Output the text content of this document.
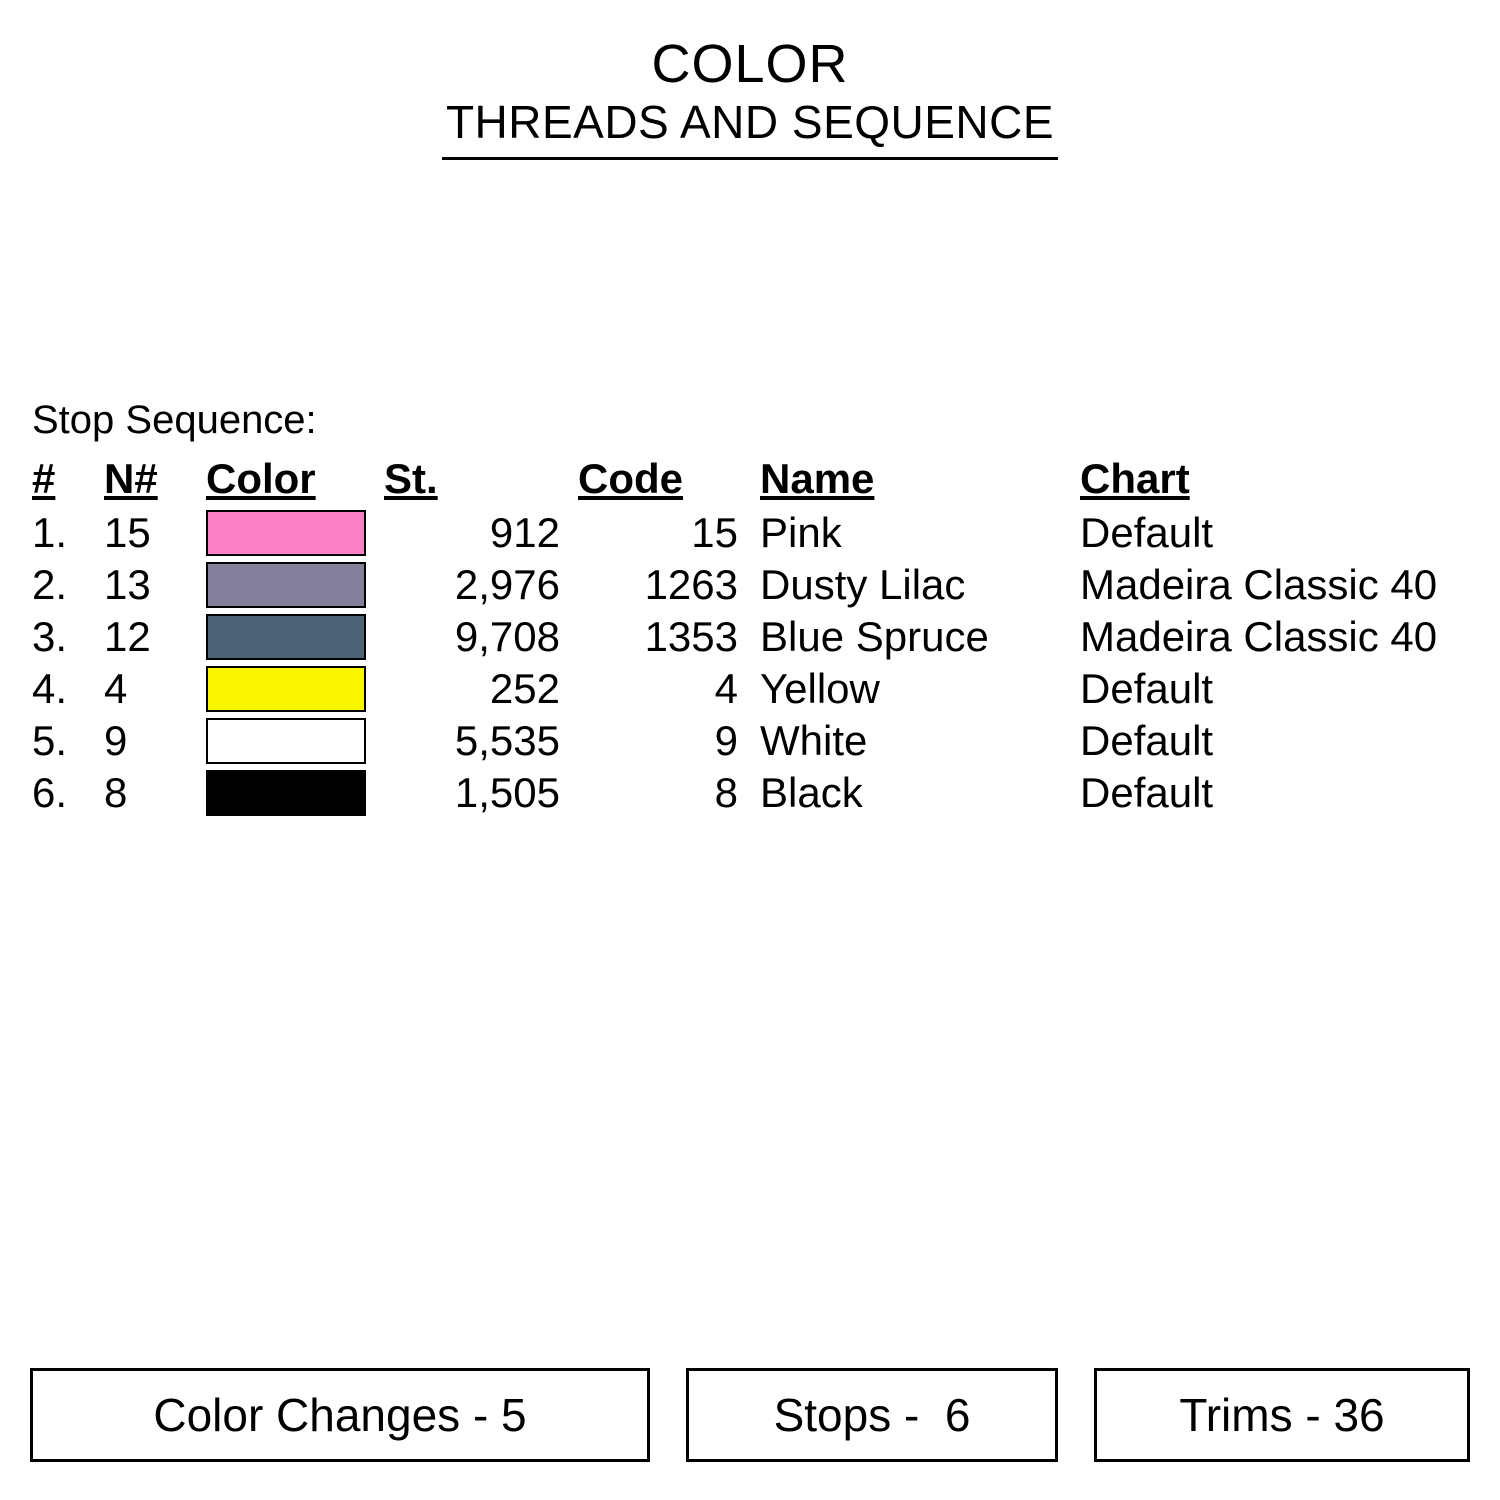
COLOR
THREADS AND SEQUENCE
Stop Sequence:
#	N#	Color	St.	Code	Name	Chart
1.	15		912	15	Pink	Default
2.	13		2,976	1263	Dusty Lilac	Madeira Classic 40
3.	12		9,708	1353	Blue Spruce	Madeira Classic 40
4.	4		252	4	Yellow	Default
5.	9		5,535	9	White	Default
6.	8		1,505	8	Black	Default
Color Changes - 5	Stops -  6	Trims - 36
